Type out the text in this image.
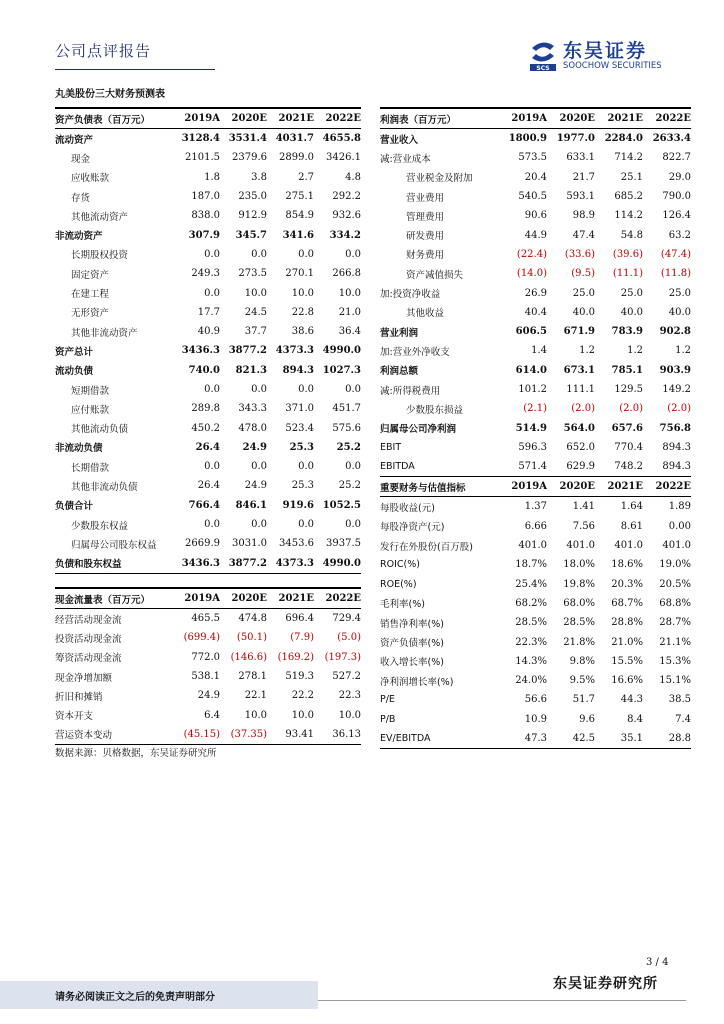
公司点评报告
SCS
东吴证券
SOOCHOW SECURITIES
丸美股份三大财务预测表
资产负债表（百万元）	2019A	2020E	2021E	2022E
流动资产	3128.4	3531.4	4031.7	4655.8
现金	2101.5	2379.6	2899.0	3426.1
应收账款	1.8	3.8	2.7	4.8
存货	187.0	235.0	275.1	292.2
其他流动资产	838.0	912.9	854.9	932.6
非流动资产	307.9	345.7	341.6	334.2
长期股权投资	0.0	0.0	0.0	0.0
固定资产	249.3	273.5	270.1	266.8
在建工程	0.0	10.0	10.0	10.0
无形资产	17.7	24.5	22.8	21.0
其他非流动资产	40.9	37.7	38.6	36.4
资产总计	3436.3	3877.2	4373.3	4990.0
流动负债	740.0	821.3	894.3	1027.3
短期借款	0.0	0.0	0.0	0.0
应付账款	289.8	343.3	371.0	451.7
其他流动负债	450.2	478.0	523.4	575.6
非流动负债	26.4	24.9	25.3	25.2
长期借款	0.0	0.0	0.0	0.0
其他非流动负债	26.4	24.9	25.3	25.2
负债合计	766.4	846.1	919.6	1052.5
少数股东权益	0.0	0.0	0.0	0.0
归属母公司股东权益	2669.9	3031.0	3453.6	3937.5
负债和股东权益	3436.3	3877.2	4373.3	4990.0
现金流量表（百万元）	2019A	2020E	2021E	2022E
经营活动现金流	465.5	474.8	696.4	729.4
投资活动现金流	(699.4)	(50.1)	(7.9)	(5.0)
筹资活动现金流	772.0	(146.6)	(169.2)	(197.3)
现金净增加额	538.1	278.1	519.3	527.2
折旧和摊销	24.9	22.1	22.2	22.3
资本开支	6.4	10.0	10.0	10.0
营运资本变动	(45.15)	(37.35)	93.41	36.13
利润表（百万元）	2019A	2020E	2021E	2022E
营业收入	1800.9	1977.0	2284.0	2633.4
减:营业成本	573.5	633.1	714.2	822.7
营业税金及附加	20.4	21.7	25.1	29.0
营业费用	540.5	593.1	685.2	790.0
管理费用	90.6	98.9	114.2	126.4
研发费用	44.9	47.4	54.8	63.2
财务费用	(22.4)	(33.6)	(39.6)	(47.4)
资产减值损失	(14.0)	(9.5)	(11.1)	(11.8)
加:投资净收益	26.9	25.0	25.0	25.0
其他收益	40.4	40.0	40.0	40.0
营业利润	606.5	671.9	783.9	902.8
加:营业外净收支	1.4	1.2	1.2	1.2
利润总额	614.0	673.1	785.1	903.9
减:所得税费用	101.2	111.1	129.5	149.2
少数股东损益	(2.1)	(2.0)	(2.0)	(2.0)
归属母公司净利润	514.9	564.0	657.6	756.8
EBIT	596.3	652.0	770.4	894.3
EBITDA	571.4	629.9	748.2	894.3
重要财务与估值指标	2019A	2020E	2021E	2022E
每股收益(元)	1.37	1.41	1.64	1.89
每股净资产(元)	6.66	7.56	8.61	0.00
发行在外股份(百万股)	401.0	401.0	401.0	401.0
ROIC(%)	18.7%	18.0%	18.6%	19.0%
ROE(%)	25.4%	19.8%	20.3%	20.5%
毛利率(%)	68.2%	68.0%	68.7%	68.8%
销售净利率(%)	28.5%	28.5%	28.8%	28.7%
资产负债率(%)	22.3%	21.8%	21.0%	21.1%
收入增长率(%)	14.3%	9.8%	15.5%	15.3%
净利润增长率(%)	24.0%	9.5%	16.6%	15.1%
P/E	56.6	51.7	44.3	38.5
P/B	10.9	9.6	8.4	7.4
EV/EBITDA	47.3	42.5	35.1	28.8
数据来源：贝格数据，东吴证券研究所
3 / 4
请务必阅读正文之后的免责声明部分
东吴证券研究所
